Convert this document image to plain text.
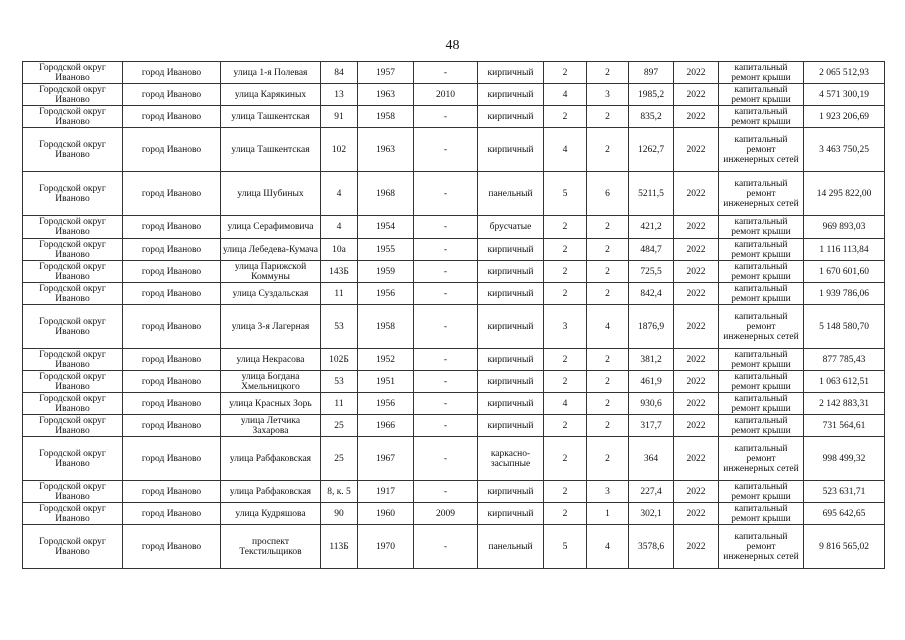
48
Городской округ Иваново	город Иваново	улица 1-я Полевая	84	1957	-	кирпичный	2	2	897	2022	капитальный ремонт крыши	2 065 512,93
Городской округ Иваново	город Иваново	улица Карякиных	13	1963	2010	кирпичный	4	3	1985,2	2022	капитальный ремонт крыши	4 571 300,19
Городской округ Иваново	город Иваново	улица Ташкентская	91	1958	-	кирпичный	2	2	835,2	2022	капитальный ремонт крыши	1 923 206,69
Городской округ Иваново	город Иваново	улица Ташкентская	102	1963	-	кирпичный	4	2	1262,7	2022	капитальный ремонт инженерных сетей	3 463 750,25
Городской округ Иваново	город Иваново	улица Шубиных	4	1968	-	панельный	5	6	5211,5	2022	капитальный ремонт инженерных сетей	14 295 822,00
Городской округ Иваново	город Иваново	улица Серафимовича	4	1954	-	брусчатые	2	2	421,2	2022	капитальный ремонт крыши	969 893,03
Городской округ Иваново	город Иваново	улица Лебедева-Кумача	10а	1955	-	кирпичный	2	2	484,7	2022	капитальный ремонт крыши	1 116 113,84
Городской округ Иваново	город Иваново	улица Парижской Коммуны	143Б	1959	-	кирпичный	2	2	725,5	2022	капитальный ремонт крыши	1 670 601,60
Городской округ Иваново	город Иваново	улица Суздальская	11	1956	-	кирпичный	2	2	842,4	2022	капитальный ремонт крыши	1 939 786,06
Городской округ Иваново	город Иваново	улица 3-я Лагерная	53	1958	-	кирпичный	3	4	1876,9	2022	капитальный ремонт инженерных сетей	5 148 580,70
Городской округ Иваново	город Иваново	улица Некрасова	102Б	1952	-	кирпичный	2	2	381,2	2022	капитальный ремонт крыши	877 785,43
Городской округ Иваново	город Иваново	улица Богдана Хмельницкого	53	1951	-	кирпичный	2	2	461,9	2022	капитальный ремонт крыши	1 063 612,51
Городской округ Иваново	город Иваново	улица Красных Зорь	11	1956	-	кирпичный	4	2	930,6	2022	капитальный ремонт крыши	2 142 883,31
Городской округ Иваново	город Иваново	улица Летчика Захарова	25	1966	-	кирпичный	2	2	317,7	2022	капитальный ремонт крыши	731 564,61
Городской округ Иваново	город Иваново	улица Рабфаковская	25	1967	-	каркасно-засыпные	2	2	364	2022	капитальный ремонт инженерных сетей	998 499,32
Городской округ Иваново	город Иваново	улица Рабфаковская	8, к. 5	1917	-	кирпичный	2	3	227,4	2022	капитальный ремонт крыши	523 631,71
Городской округ Иваново	город Иваново	улица Кудряшова	90	1960	2009	кирпичный	2	1	302,1	2022	капитальный ремонт крыши	695 642,65
Городской округ Иваново	город Иваново	проспект Текстильщиков	113Б	1970	-	панельный	5	4	3578,6	2022	капитальный ремонт инженерных сетей	9 816 565,02
